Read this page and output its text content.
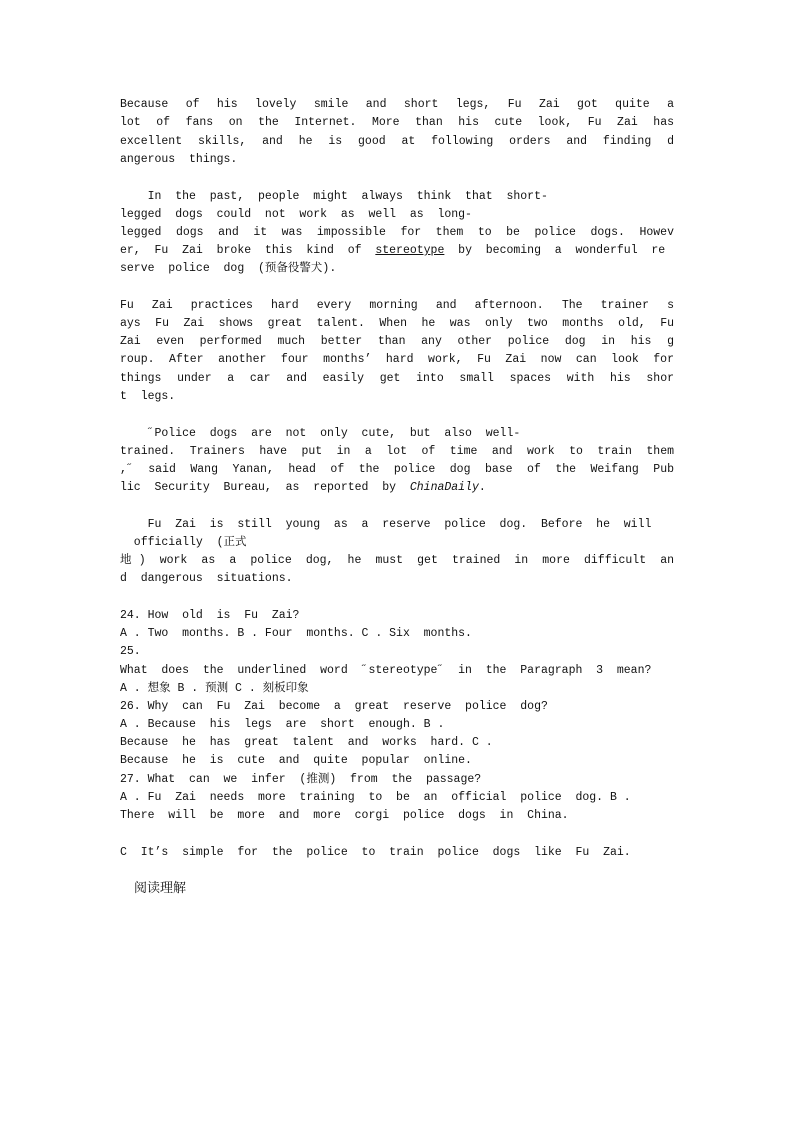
Because of his lovely smile and short legs, Fu Zai got quite a
lot of fans on the Internet. More than his cute look, Fu Zai has
excellent skills, and he is good at following orders and finding d
angerous  things.
In  the  past,  people  might  always  think  that  short-
legged  dogs  could  not  work  as  well  as  long-
legged dogs and it was impossible for them to be police dogs. Howev
er,  Fu  Zai  broke  this  kind  of  stereotype  by  becoming  a  wonderful  re
serve  police  dog  (预备役警犬).
Fu Zai practices hard every morning and afternoon. The trainer s
ays Fu Zai shows great talent. When he was only two months old, Fu
Zai even performed much better than any other police dog in his g
roup. After another four months’ hard work, Fu Zai now can look for
things under a car and easily get into small spaces with his shor
t  legs.
˝Police  dogs  are  not  only  cute,  but  also  well-
trained. Trainers have put in a lot of time and work to train them
,˝ said Wang Yanan, head of the police dog base of the Weifang Pub
lic  Security  Bureau,  as  reported  by  ChinaDaily.
Fu  Zai  is  still  young  as  a  reserve  police  dog.  Before  he  will
officially  (正式
地) work as a police dog, he must get trained in more difficult an
d  dangerous  situations.
24. How  old  is  Fu  Zai?
A . Two  months. B . Four  months. C . Six  months.
25.
What  does  the  underlined  word  ˝stereotype˝  in  the  Paragraph  3  mean?
A . 想象 B . 预测 C . 刻板印象
26. Why  can  Fu  Zai  become  a  great  reserve  police  dog?
A . Because  his  legs  are  short  enough. B .
Because  he  has  great  talent  and  works  hard. C .
Because  he  is  cute  and  quite  popular  online.
27. What  can  we  infer  (推测)  from  the  passage?
A . Fu  Zai  needs  more  training  to  be  an  official  police  dog. B .
There  will  be  more  and  more  corgi  police  dogs  in  China.
C  It’s  simple  for  the  police  to  train  police  dogs  like  Fu  Zai.
阅读理解
